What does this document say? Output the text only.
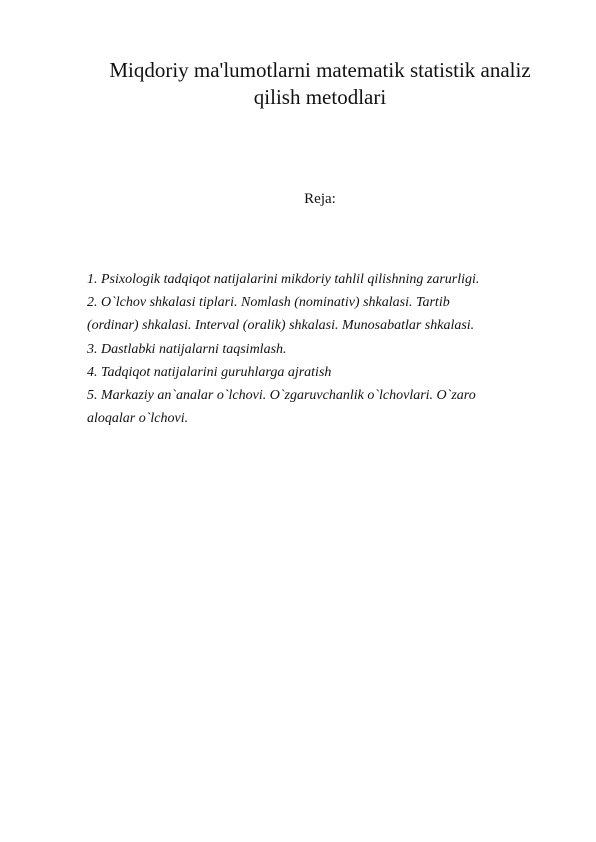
Miqdoriy ma'lumotlarni matematik statistik analiz
qilish metodlari

Reja:

1. Psixologik tadqiqot natijalarini mikdoriy tahlil qilishning zarurligi.
2. O`lchov shkalasi tiplari. Nomlash (nominativ) shkalasi. Tartib
(ordinar) shkalasi. Interval (oralik) shkalasi. Munosabatlar shkalasi.
3. Dastlabki natijalarni taqsimlash.
4. Tadqiqot natijalarini guruhlarga ajratish
5. Markaziy an`analar o`lchovi. O`zgaruvchanlik o`lchovlari. O`zaro
aloqalar o`lchovi.
